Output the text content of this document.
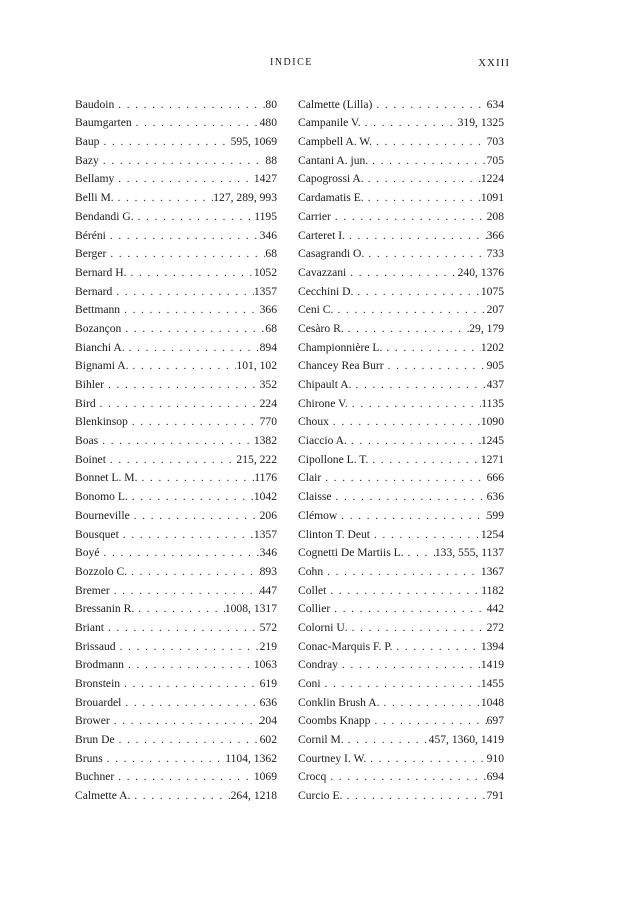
INDICE	XXIII
Baudoin . . .	80
Baumgarten . . .	480
Baup . . .	595, 1069
Bazy . . .	88
Bellamy . . .	1427
Belli M. . . .	127, 289, 993
Bendandi G. . . .	1195
Béréni . . .	346
Berger . . .	68
Bernard H. . . .	1052
Bernard . . .	1357
Bettmann . . .	366
Bozançon . . .	68
Bianchi A. . . .	894
Bignami A. . . .	101, 102
Bihler . . .	352
Bird . . .	224
Blenkinsop . . .	770
Boas . . .	1382
Boinet . . .	215, 222
Bonnet L. M. . . .	1176
Bonomo L. . . .	1042
Bourneville . . .	206
Bousquet . . .	1357
Boyé . . .	346
Bozzolo C. . . .	893
Bremer . . .	447
Bressanin R. . . .	1008, 1317
Briant . . .	572
Brissaud . . .	219
Brodmann . . .	1063
Bronstein . . .	619
Brouardel . . .	636
Brower . . .	204
Brun De . . .	602
Bruns . . .	1104, 1362
Buchner . . .	1069
Calmette A. . . .	264, 1218
Calmette (Lilla) . . .	634
Campanile V. . . .	319, 1325
Campbell A. W. . . .	703
Cantani A. jun. . . .	705
Capogrossi A. . . .	1224
Cardamatis E. . . .	1091
Carrier . . .	208
Carteret I. . . .	366
Casagrandi O. . . .	733
Cavazzani . . .	240, 1376
Cecchini D. . . .	1075
Ceni C. . . .	207
Cesàro R. . . .	29, 179
Championnière L. . . .	1202
Chancey Rea Burr . . .	905
Chipault A. . . .	437
Chirone V. . . .	1135
Choux . . .	1090
Ciaccio A. . . .	1245
Cipollone L. T. . . .	1271
Clair . . .	666
Claisse . . .	636
Clémow . . .	599
Clinton T. Deut . . .	1254
Cognetti De Martiis L. . . .	133, 555, 1137
Cohn . . .	1367
Collet . . .	1182
Collier . . .	442
Colorni U. . . .	272
Conac-Marquis F. P. . . .	1394
Condray . . .	1419
Coni . . .	1455
Conklin Brush A. . . .	1048
Coombs Knapp . . .	697
Cornil M. . . .	457, 1360, 1419
Courtney I. W. . . .	910
Crocq . . .	694
Curcio E. . . .	791
